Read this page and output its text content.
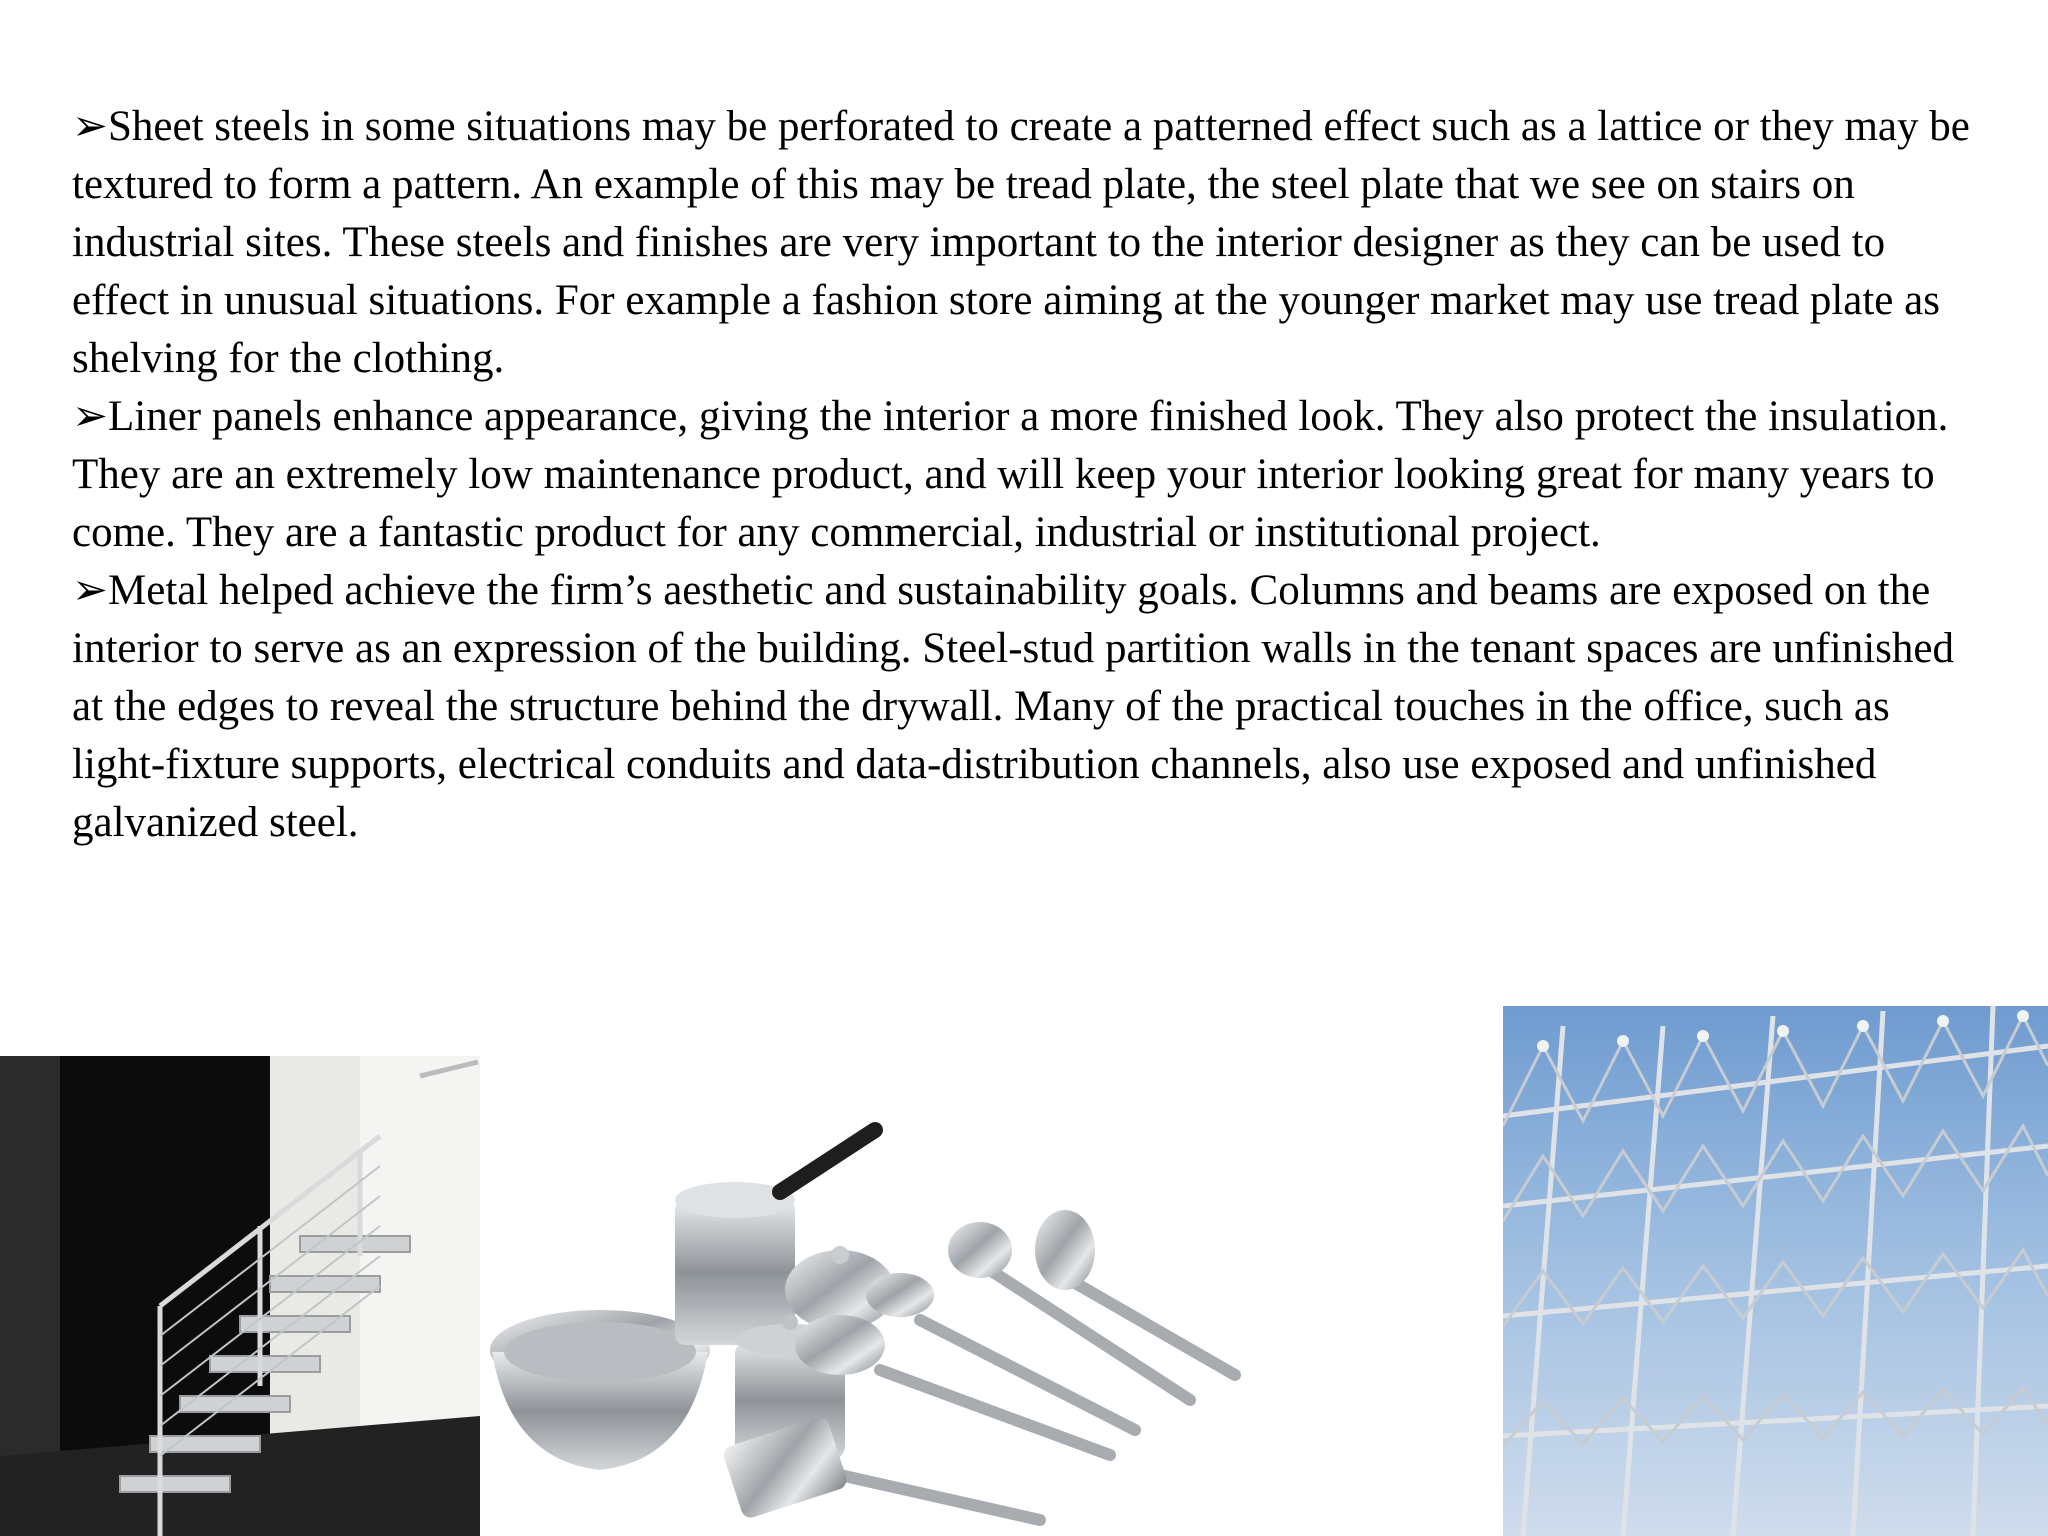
➢Sheet steels in some situations may be perforated to create a patterned effect such as a lattice or they may be textured to form a pattern. An example of this may be tread plate, the steel plate that we see on stairs on industrial sites. These steels and finishes are very important to the interior designer as they can be used to effect in unusual situations. For example a fashion store aiming at the younger market may use tread plate as shelving for the clothing.

➢Liner panels enhance appearance, giving the interior a more finished look. They also protect the insulation. They are an extremely low maintenance product, and will keep your interior looking great for many years to come. They are a fantastic product for any commercial, industrial or institutional project.

➢Metal helped achieve the firm’s aesthetic and sustainability goals. Columns and beams are exposed on the interior to serve as an expression of the building. Steel-stud partition walls in the tenant spaces are unfinished at the edges to reveal the structure behind the drywall. Many of the practical touches in the office, such as light-fixture supports, electrical conduits and data-distribution channels, also use exposed and unfinished galvanized steel.
